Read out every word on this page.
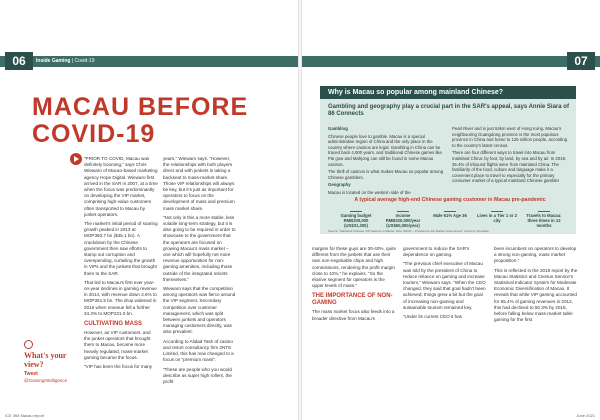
06	Inside Gaming | Covid-19
MACAU BEFORE COVID-19

“PRIOR TO COVID, Macau was definitely booming,” says Chris Wiewaro of Macao-based marketing agency Hope Digital. Wiewaro first arrived in the SAR in 2007, at a time when the focus was predominantly on developing the VIP market, comprising high-value customers often transported to Macau by junket operators.

The market's initial period of soaring growth peaked in 2013 at MOP360.7 bn ($45.1 bn). A crackdown by the Chinese government then saw efforts to stamp out corruption and overspending, curtailing the growth in VIPs and the junkets that brought them to the SAR.

That led to Macau's first ever year-on-year declines in gaming revenue in 2014, with revenue down 2.6% to MOP351.5 bn. The drop widened in 2015 when revenue fell a further 34.3% to MOP231.0 bn.

CULTIVATING MASS

However, as VIP customers, and the junket operators that brought them to Macau, became more heavily regulated, mass-market gaming became the focus.

“VIP has been the focus for many

years,” Wiewaro says. “However, the relationships with both players direct and with junkets is taking a backseat to mass-market share. Those VIP relationships will always be key, but it's just as important for operators to focus on the development of mass and premium mass market share.

“Not only is this a more stable, less volatile long-term strategy, but it is also going to be required in order to showcase to the government that the operators are focused on growing Macau's mass market – one which will hopefully net more revenue opportunities for non-gaming amenities, including those outside of the integrated resorts themselves.”

Wiewaro says that the competition among operators was fierce around the VIP segment. Secondary competition over customer management, which was split between junkets and operators managing customers directly, was also prevalent.

According to Alidad Tash of casino and resort consultancy firm 2NT8 Limited, this has now changed to a focus on “premium mass”.

“These are people who you would describe as super high rollers, the profit

What's your view?
Tweet
@GamingIntelligence
ICE 365 Macau report
07
Why is Macau so popular among mainland Chinese?
Gambling and geography play a crucial part in the SAR's appeal, says Annie Siara of 86 Connects

Gambling

Chinese people love to gamble. Macau is a special administrative region of China and the only place in the country where casinos are legal. Gambling in China can be traced back 4,000 years, and traditional Chinese games like Pai gow and Mahjong can still be found in some Macau casinos.

The thrill of casinos is what makes Macau so popular among Chinese gamblers.

Geography

Macau is located on the western side of the

Pearl River and is just 64km west of Hong Kong. Macau's neighbouring Guangdong province is the most populous province in China and home to 126 million people, according to the country's latest census.

There are four different ways to travel into Macau from mainland China: by foot, by land, by sea and by air. In 2019, 35.4% of inbound flights were from mainland China. The familiarity of the food, culture and language make it a convenient place to travel to especially for the primary consumer market of a typical mainland Chinese gambler

A typical average high-end Chinese gaming customer in Macau pre-pandemic
Gaming budget RMB200,000 (US$31,300)
Income RMB320,000/year (US$50,000/year)
Male 61% Age 36	Lives in a Tier 1 or 2 city
Travels to Macau: three times in 12 months
Source: “Mainland Chinese VIP Gamers in Macau: Dice (2016) – Provided to the Macau Government” report by Sinodata

margins for these guys are 30-40%, quite different from the junkets that use their own non-negotiable chips and high commissions, rendering the profit margin close to 10%,” he explains. “So the elusive segment for operators is the upper levels of mass.”

THE IMPORTANCE OF NON-GAMING

The mass market focus also feeds into a broader directive from Macau's

government to reduce the SAR's dependence on gaming.

“The previous chief executive of Macau was told by the president of China to reduce reliance on gaming and increase tourism,” Wiewaro says. “When the CEO changed, they said that goal hadn't been achieved; things grew a bit but the goal of increasing non-gaming and sustainable tourism remained key.

“Under its current CEO it has

been incumbent on operators to develop a strong non-gaming, mass market proposition.”

This is reflected in the 2019 report by the Macau Statistics and Census Service's Statistical Indicator System for Moderate Economic Diversification of Macao. It reveals that while VIP gaming accounted for 65.4% of gaming revenues in 2012, this had declined to 50.3% by 2018, before falling below mass-market table gaming for the first

June 2021
